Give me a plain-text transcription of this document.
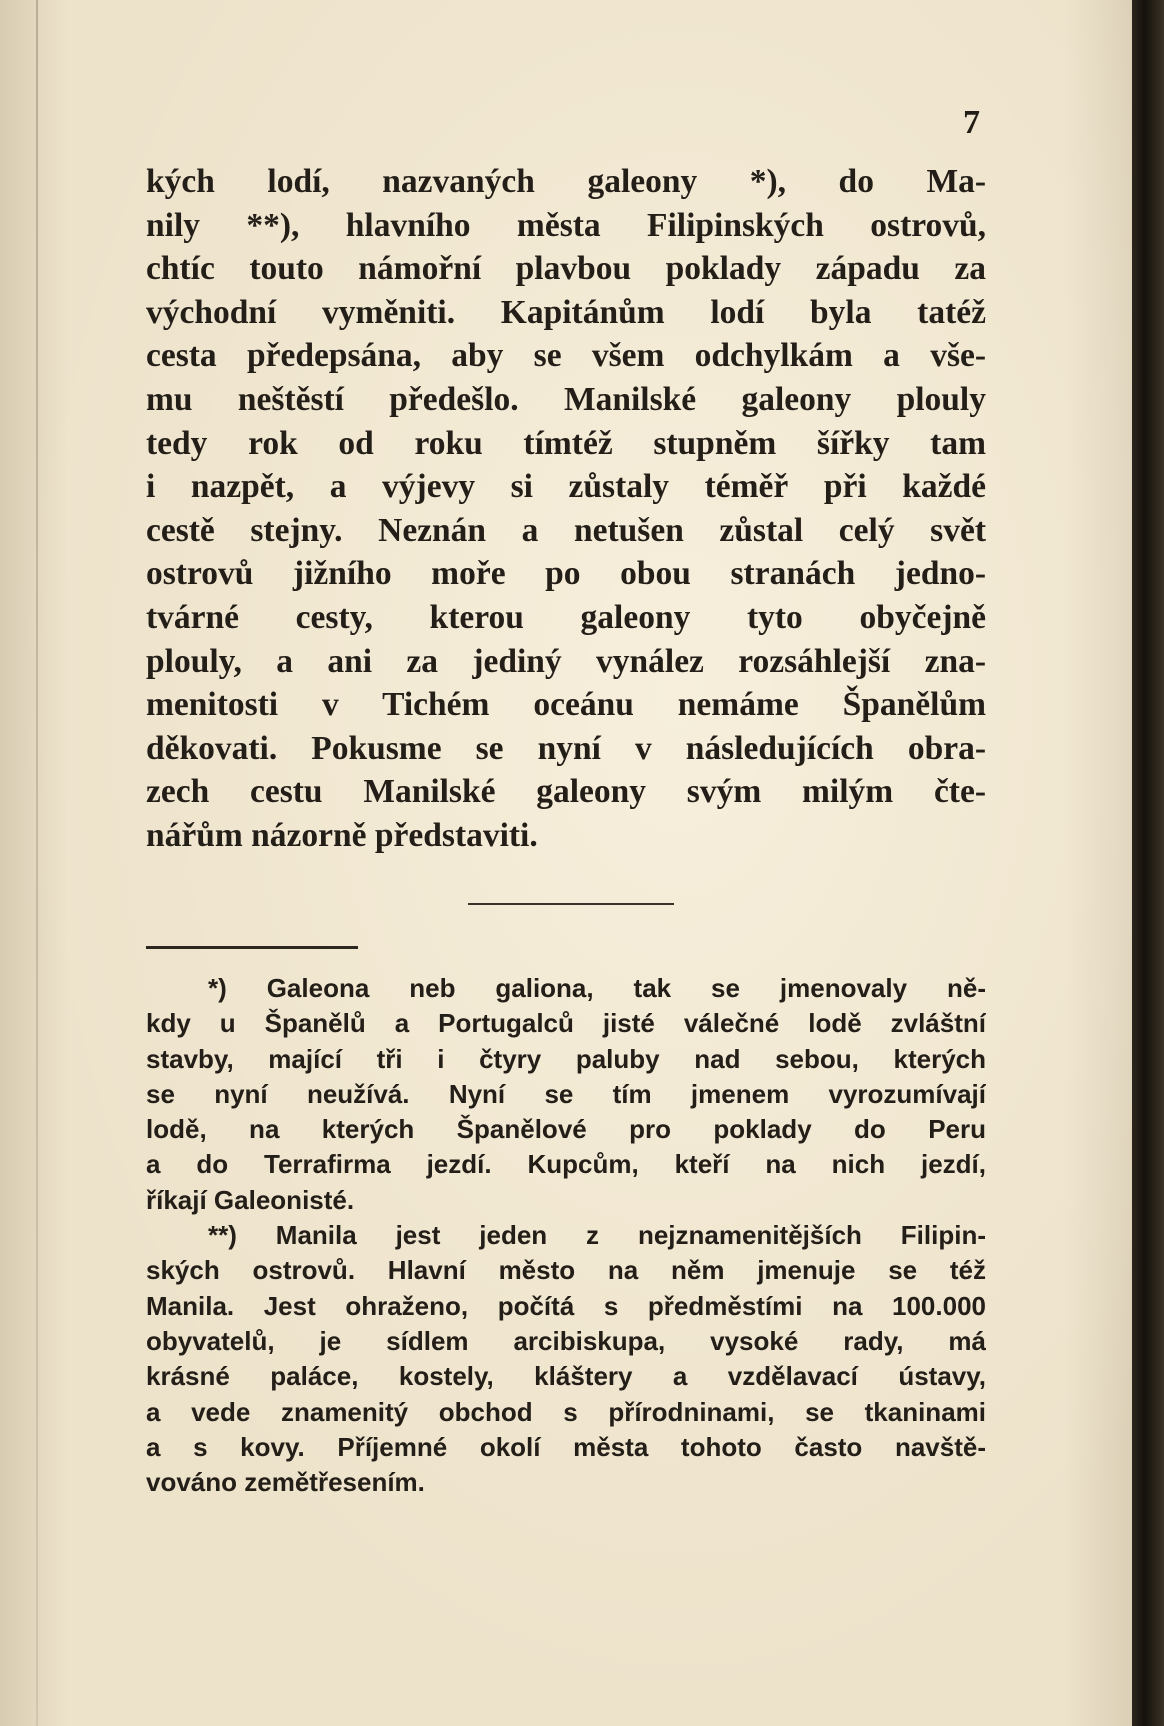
7
kých lodí, nazvaných galeony *), do Ma-
nily **), hlavního města Filipinských ostrovů,
chtíc touto námořní plavbou poklady západu za
východní vyměniti. Kapitánům lodí byla tatéž
cesta předepsána, aby se všem odchylkám a vše-
mu neštěstí předešlo. Manilské galeony plouly
tedy rok od roku tímtéž stupněm šířky tam
i nazpět, a výjevy si zůstaly téměř při každé
cestě stejny. Neznán a netušen zůstal celý svět
ostrovů jižního moře po obou stranách jedno-
tvárné cesty, kterou galeony tyto obyčejně
plouly, a ani za jediný vynález rozsáhlejší zna-
menitosti v Tichém oceánu nemáme Španělům
děkovati. Pokusme se nyní v následujících obra-
zech cestu Manilské galeony svým milým čte-
nářům názorně představiti.
*) Galeona neb galiona, tak se jmenovaly ně-
kdy u Španělů a Portugalců jisté válečné lodě zvláštní
stavby, mající tři i čtyry paluby nad sebou, kterých
se nyní neužívá. Nyní se tím jmenem vyrozumívají
lodě, na kterých Španělové pro poklady do Peru
a do Terrafirma jezdí. Kupcům, kteří na nich jezdí,
říkají Galeonisté.
**) Manila jest jeden z nejznamenitějších Filipin-
ských ostrovů. Hlavní město na něm jmenuje se též
Manila. Jest ohraženo, počítá s předměstími na 100.000
obyvatelů, je sídlem arcibiskupa, vysoké rady, má
krásné paláce, kostely, kláštery a vzdělavací ústavy,
a vede znamenitý obchod s přírodninami, se tkaninami
a s kovy. Příjemné okolí města tohoto často navště-
vováno zemětřesením.
